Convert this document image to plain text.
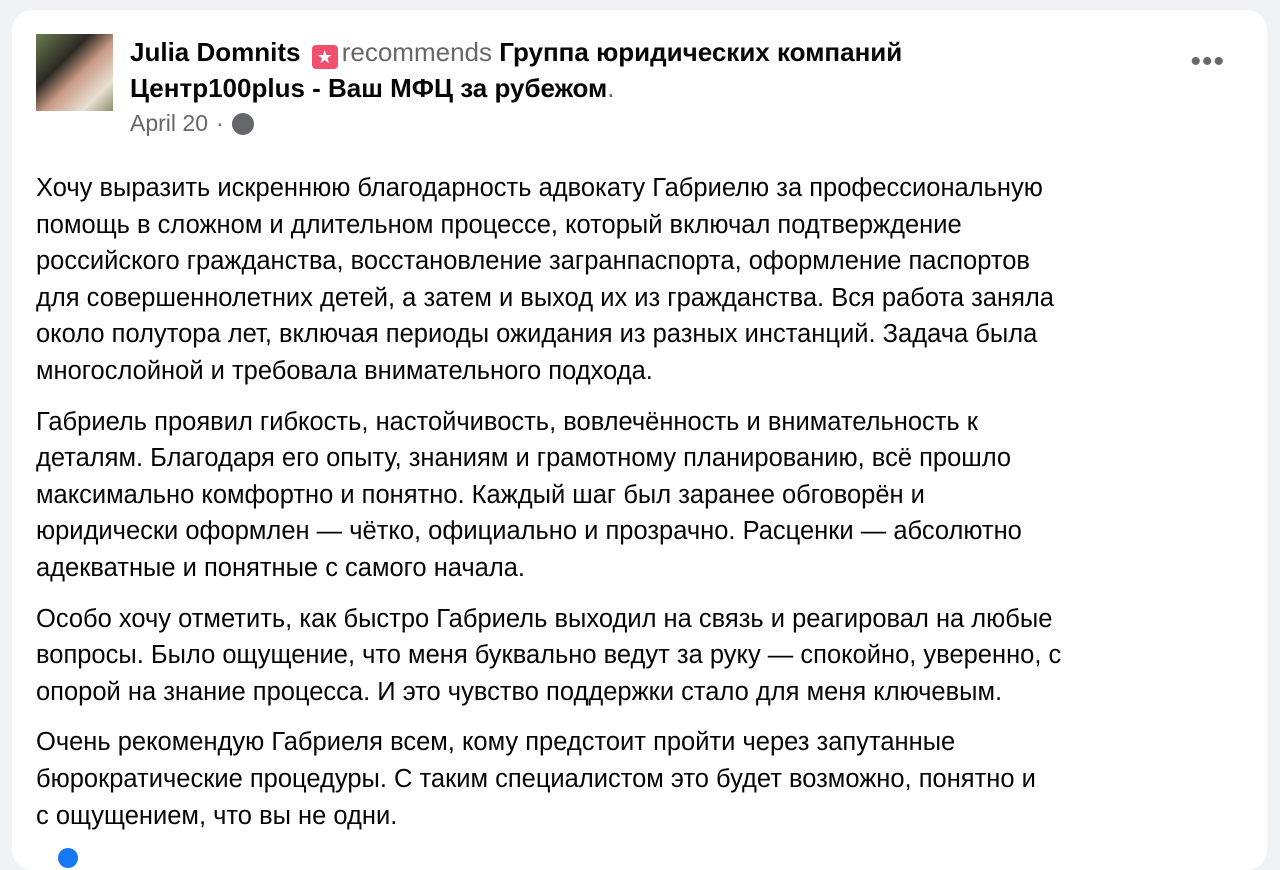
Julia Domnits ★ recommends Группа юридических компаний
Центр100plus - Ваш МФЦ за рубежом.
April 20 ·
•••
Хочу выразить искреннюю благодарность адвокату Габриелю за профессиональную
помощь в сложном и длительном процессе, который включал подтверждение
российского гражданства, восстановление загранпаспорта, оформление паспортов
для совершеннолетних детей, а затем и выход их из гражданства. Вся работа заняла
около полутора лет, включая периоды ожидания из разных инстанций. Задача была
многослойной и требовала внимательного подхода.
Габриель проявил гибкость, настойчивость, вовлечённость и внимательность к
деталям. Благодаря его опыту, знаниям и грамотному планированию, всё прошло
максимально комфортно и понятно. Каждый шаг был заранее обговорён и
юридически оформлен — чётко, официально и прозрачно. Расценки — абсолютно
адекватные и понятные с самого начала.
Особо хочу отметить, как быстро Габриель выходил на связь и реагировал на любые
вопросы. Было ощущение, что меня буквально ведут за руку — спокойно, уверенно, с
опорой на знание процесса. И это чувство поддержки стало для меня ключевым.
Очень рекомендую Габриеля всем, кому предстоит пройти через запутанные
бюрократические процедуры. С таким специалистом это будет возможно, понятно и
с ощущением, что вы не одни.
